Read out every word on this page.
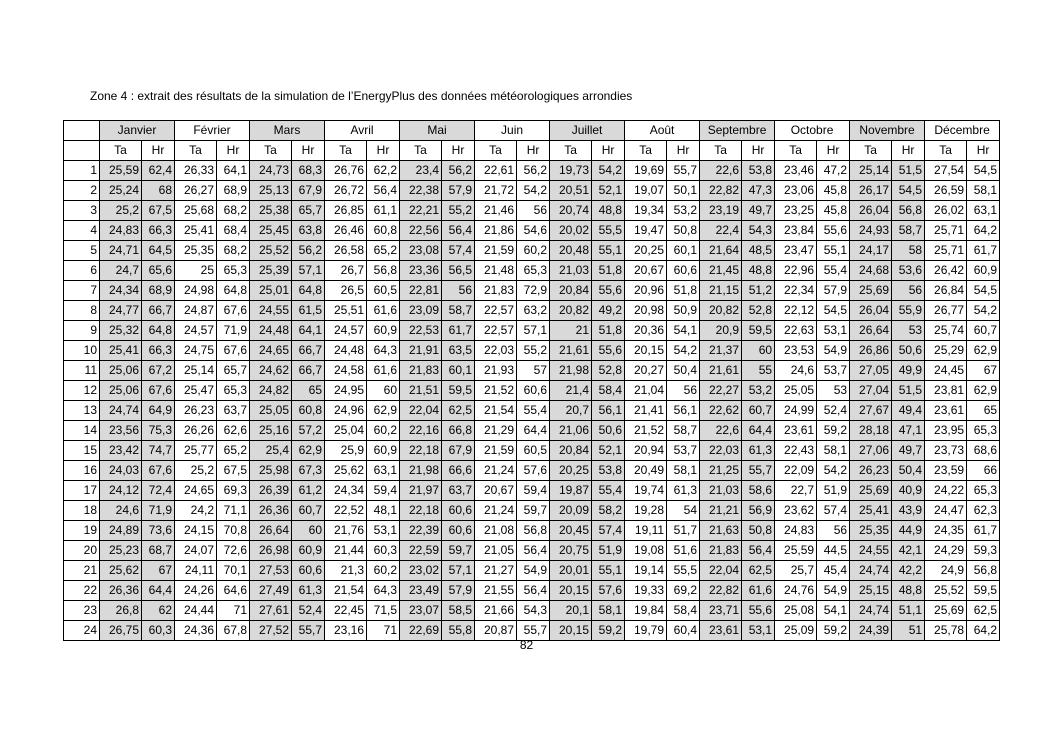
Zone 4 : extrait des résultats de la simulation de l’EnergyPlus des données météorologiques arrondies
	Janvier		Février		Mars		Avril		Mai		Juin		Juillet		Août		Septembre		Octobre		Novembre		Décembre	
	Ta	Hr	Ta	Hr	Ta	Hr	Ta	Hr	Ta	Hr	Ta	Hr	Ta	Hr	Ta	Hr	Ta	Hr	Ta	Hr	Ta	Hr	Ta	Hr
1	25,59	62,4	26,33	64,1	24,73	68,3	26,76	62,2	23,4	56,2	22,61	56,2	19,73	54,2	19,69	55,7	22,6	53,8	23,46	47,2	25,14	51,5	27,54	54,5
2	25,24	68	26,27	68,9	25,13	67,9	26,72	56,4	22,38	57,9	21,72	54,2	20,51	52,1	19,07	50,1	22,82	47,3	23,06	45,8	26,17	54,5	26,59	58,1
3	25,2	67,5	25,68	68,2	25,38	65,7	26,85	61,1	22,21	55,2	21,46	56	20,74	48,8	19,34	53,2	23,19	49,7	23,25	45,8	26,04	56,8	26,02	63,1
4	24,83	66,3	25,41	68,4	25,45	63,8	26,46	60,8	22,56	56,4	21,86	54,6	20,02	55,5	19,47	50,8	22,4	54,3	23,84	55,6	24,93	58,7	25,71	64,2
5	24,71	64,5	25,35	68,2	25,52	56,2	26,58	65,2	23,08	57,4	21,59	60,2	20,48	55,1	20,25	60,1	21,64	48,5	23,47	55,1	24,17	58	25,71	61,7
6	24,7	65,6	25	65,3	25,39	57,1	26,7	56,8	23,36	56,5	21,48	65,3	21,03	51,8	20,67	60,6	21,45	48,8	22,96	55,4	24,68	53,6	26,42	60,9
7	24,34	68,9	24,98	64,8	25,01	64,8	26,5	60,5	22,81	56	21,83	72,9	20,84	55,6	20,96	51,8	21,15	51,2	22,34	57,9	25,69	56	26,84	54,5
8	24,77	66,7	24,87	67,6	24,55	61,5	25,51	61,6	23,09	58,7	22,57	63,2	20,82	49,2	20,98	50,9	20,82	52,8	22,12	54,5	26,04	55,9	26,77	54,2
9	25,32	64,8	24,57	71,9	24,48	64,1	24,57	60,9	22,53	61,7	22,57	57,1	21	51,8	20,36	54,1	20,9	59,5	22,63	53,1	26,64	53	25,74	60,7
10	25,41	66,3	24,75	67,6	24,65	66,7	24,48	64,3	21,91	63,5	22,03	55,2	21,61	55,6	20,15	54,2	21,37	60	23,53	54,9	26,86	50,6	25,29	62,9
11	25,06	67,2	25,14	65,7	24,62	66,7	24,58	61,6	21,83	60,1	21,93	57	21,98	52,8	20,27	50,4	21,61	55	24,6	53,7	27,05	49,9	24,45	67
12	25,06	67,6	25,47	65,3	24,82	65	24,95	60	21,51	59,5	21,52	60,6	21,4	58,4	21,04	56	22,27	53,2	25,05	53	27,04	51,5	23,81	62,9
13	24,74	64,9	26,23	63,7	25,05	60,8	24,96	62,9	22,04	62,5	21,54	55,4	20,7	56,1	21,41	56,1	22,62	60,7	24,99	52,4	27,67	49,4	23,61	65
14	23,56	75,3	26,26	62,6	25,16	57,2	25,04	60,2	22,16	66,8	21,29	64,4	21,06	50,6	21,52	58,7	22,6	64,4	23,61	59,2	28,18	47,1	23,95	65,3
15	23,42	74,7	25,77	65,2	25,4	62,9	25,9	60,9	22,18	67,9	21,59	60,5	20,84	52,1	20,94	53,7	22,03	61,3	22,43	58,1	27,06	49,7	23,73	68,6
16	24,03	67,6	25,2	67,5	25,98	67,3	25,62	63,1	21,98	66,6	21,24	57,6	20,25	53,8	20,49	58,1	21,25	55,7	22,09	54,2	26,23	50,4	23,59	66
17	24,12	72,4	24,65	69,3	26,39	61,2	24,34	59,4	21,97	63,7	20,67	59,4	19,87	55,4	19,74	61,3	21,03	58,6	22,7	51,9	25,69	40,9	24,22	65,3
18	24,6	71,9	24,2	71,1	26,36	60,7	22,52	48,1	22,18	60,6	21,24	59,7	20,09	58,2	19,28	54	21,21	56,9	23,62	57,4	25,41	43,9	24,47	62,3
19	24,89	73,6	24,15	70,8	26,64	60	21,76	53,1	22,39	60,6	21,08	56,8	20,45	57,4	19,11	51,7	21,63	50,8	24,83	56	25,35	44,9	24,35	61,7
20	25,23	68,7	24,07	72,6	26,98	60,9	21,44	60,3	22,59	59,7	21,05	56,4	20,75	51,9	19,08	51,6	21,83	56,4	25,59	44,5	24,55	42,1	24,29	59,3
21	25,62	67	24,11	70,1	27,53	60,6	21,3	60,2	23,02	57,1	21,27	54,9	20,01	55,1	19,14	55,5	22,04	62,5	25,7	45,4	24,74	42,2	24,9	56,8
22	26,36	64,4	24,26	64,6	27,49	61,3	21,54	64,3	23,49	57,9	21,55	56,4	20,15	57,6	19,33	69,2	22,82	61,6	24,76	54,9	25,15	48,8	25,52	59,5
23	26,8	62	24,44	71	27,61	52,4	22,45	71,5	23,07	58,5	21,66	54,3	20,1	58,1	19,84	58,4	23,71	55,6	25,08	54,1	24,74	51,1	25,69	62,5
24	26,75	60,3	24,36	67,8	27,52	55,7	23,16	71	22,69	55,8	20,87	55,7	20,15	59,2	19,79	60,4	23,61	53,1	25,09	59,2	24,39	51	25,78	64,2
82
